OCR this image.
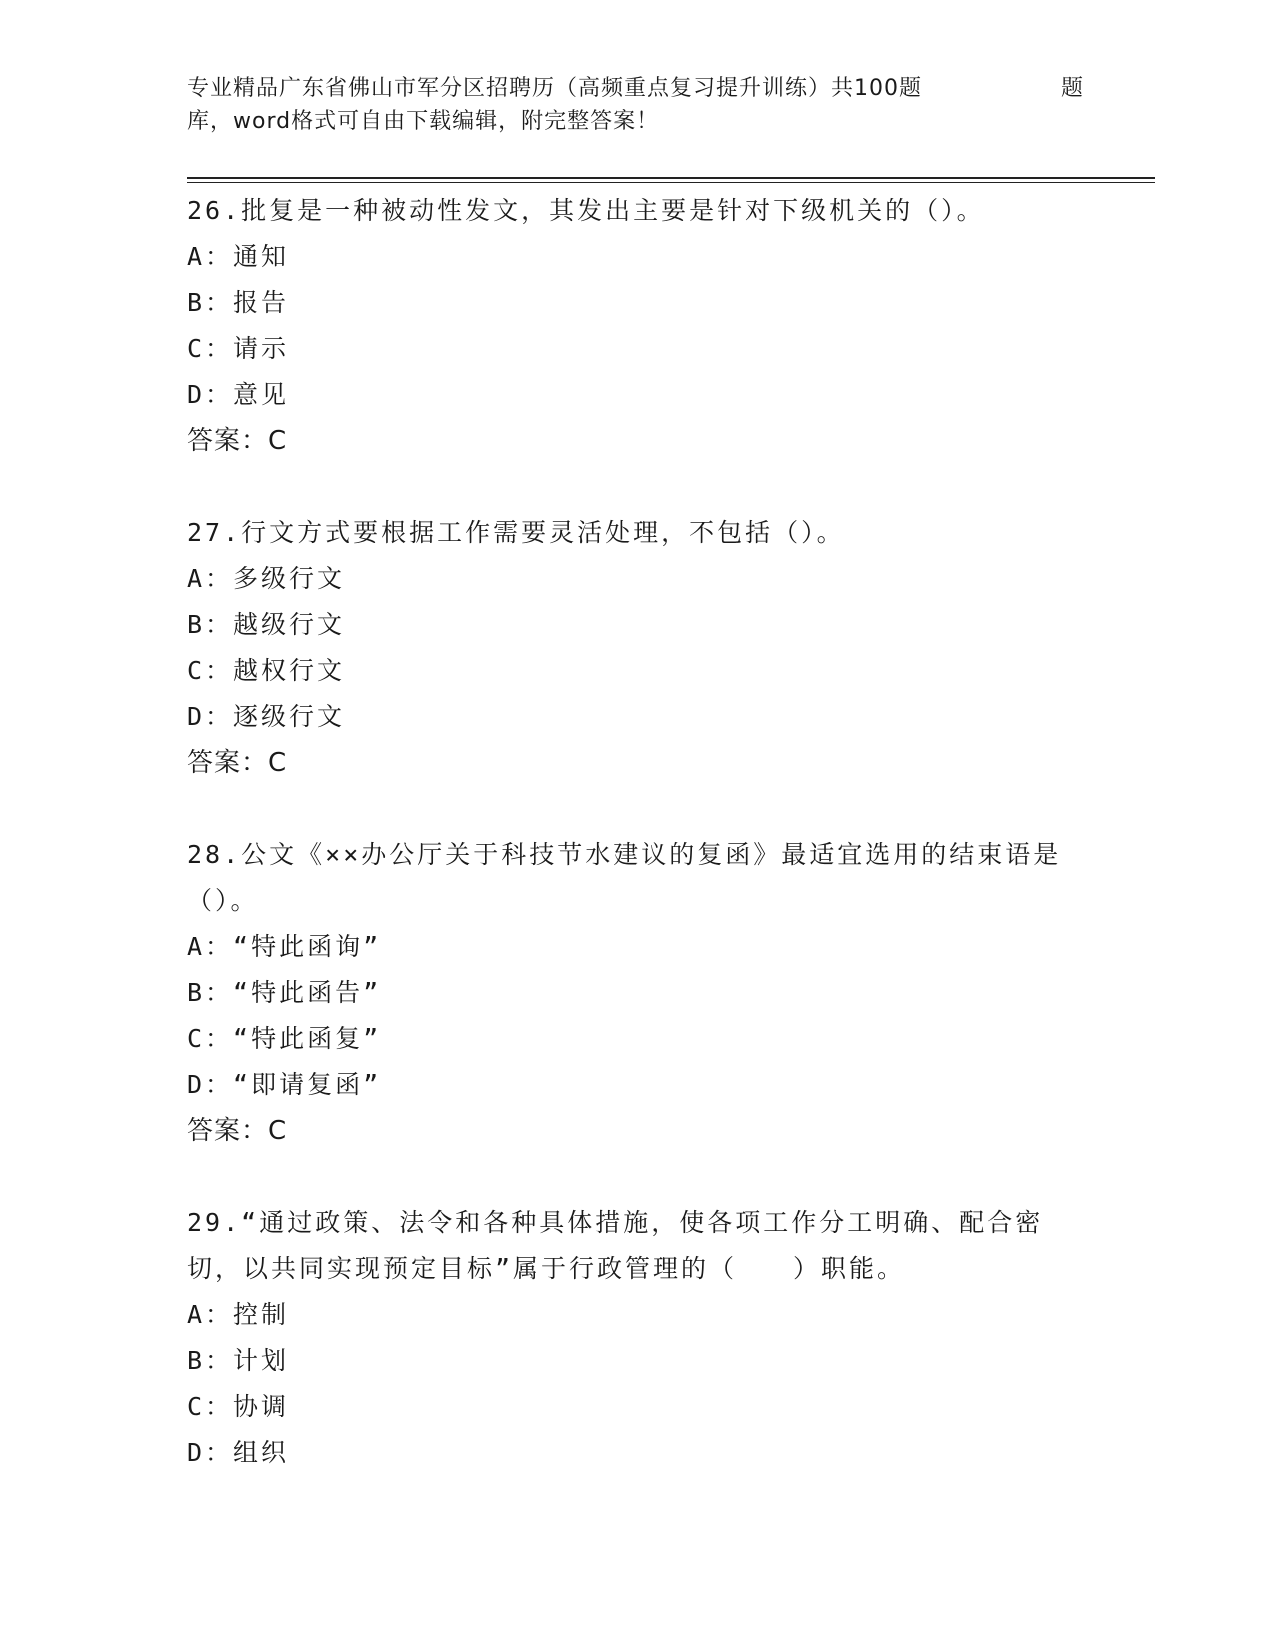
专业精品广东省佛山市军分区招聘历（高频重点复习提升训练）共100题	题
库，word格式可自由下载编辑，附完整答案！
26.批复是一种被动性发文，其发出主要是针对下级机关的（）。
A：通知
B：报告
C：请示
D：意见
答案：C
27.行文方式要根据工作需要灵活处理，不包括（）。
A：多级行文
B：越级行文
C：越权行文
D：逐级行文
答案：C
28.公文《××办公厅关于科技节水建议的复函》最适宜选用的结束语是（）。
A：“特此函询”
B：“特此函告”
C：“特此函复”
D：“即请复函”
答案：C
29.“通过政策、法令和各种具体措施，使各项工作分工明确、配合密切，以共同实现预定目标”属于行政管理的（　　）职能。
A：控制
B：计划
C：协调
D：组织
